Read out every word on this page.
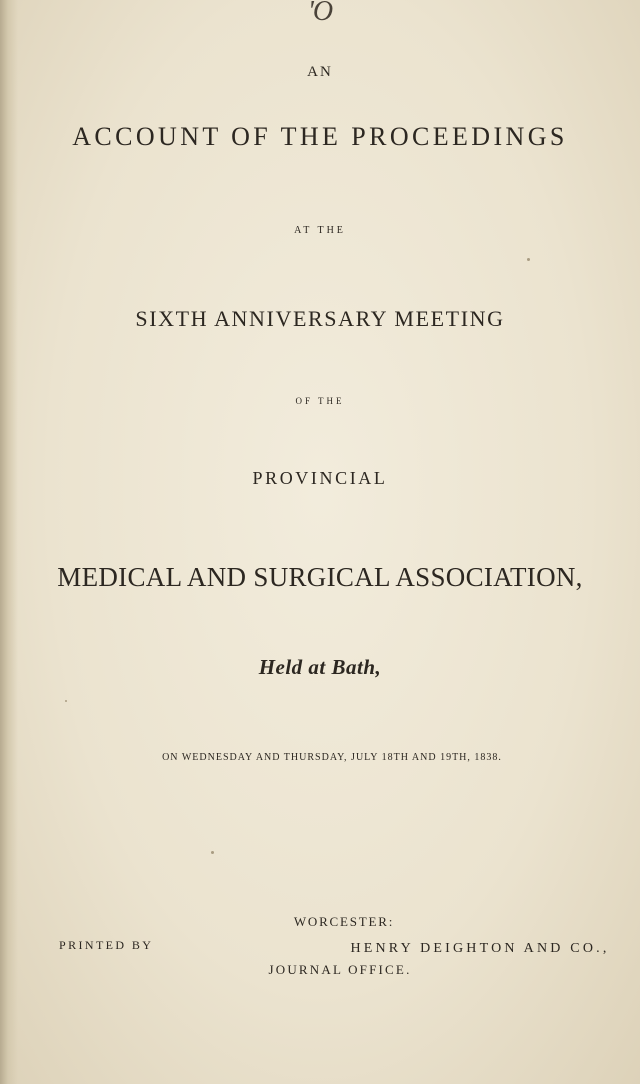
'O
AN
ACCOUNT OF THE PROCEEDINGS
AT THE
SIXTH ANNIVERSARY MEETING
OF THE
PROVINCIAL
MEDICAL AND SURGICAL ASSOCIATION,
Held at Bath,
ON WEDNESDAY AND THURSDAY, JULY 18TH AND 19TH, 1838.
WORCESTER:
PRINTED BY	HENRY DEIGHTON AND CO.,
JOURNAL OFFICE.
